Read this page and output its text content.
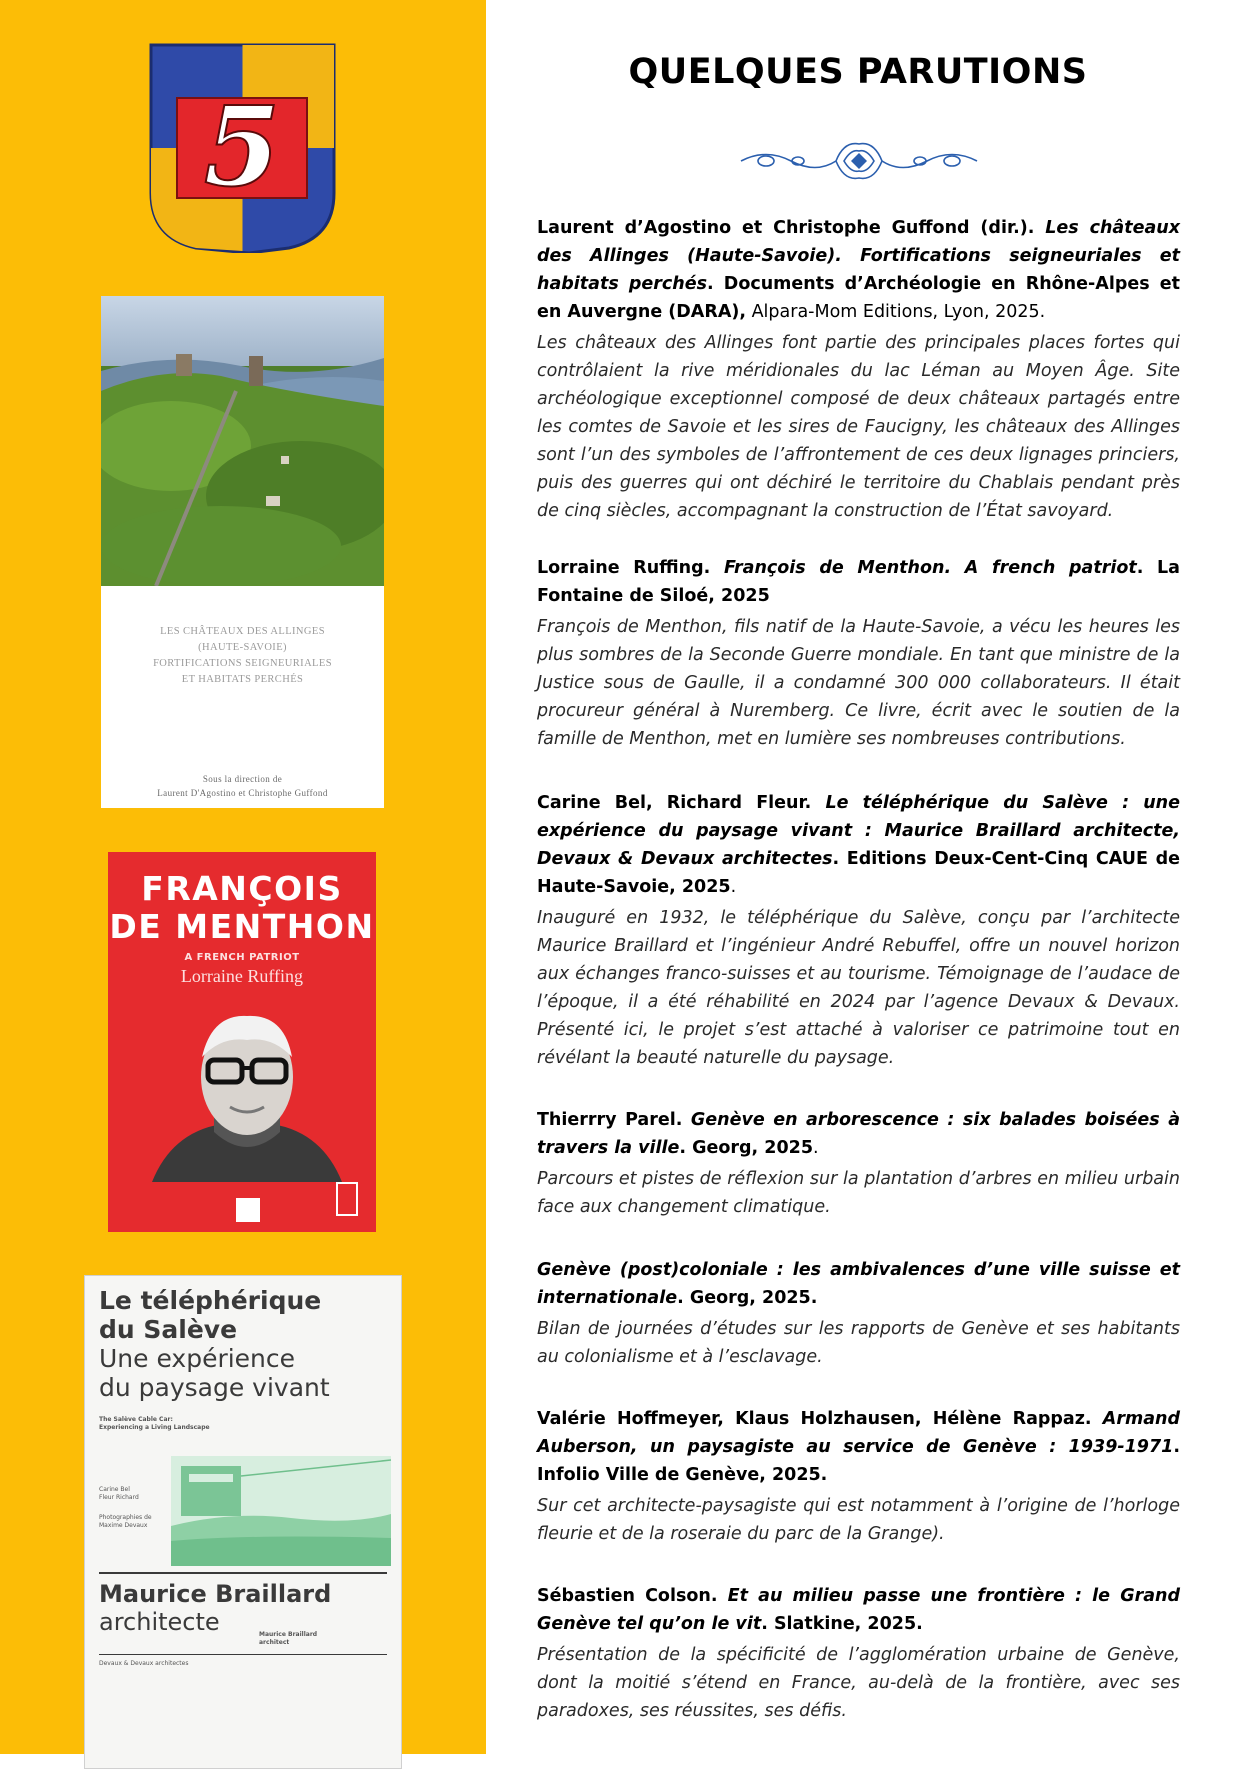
5
LES CHÂTEAUX DES ALLINGES
(HAUTE-SAVOIE)
FORTIFICATIONS SEIGNEURIALES
ET HABITATS PERCHÉS
Sous la direction de
Laurent D'Agostino et Christophe Guffond
FRANÇOIS
DE MENTHON
A FRENCH PATRIOT
Lorraine Ruffing
Le téléphérique
du Salève
Une expérience
du paysage vivant
The Salève Cable Car:
Experiencing a Living Landscape
Carine Bel
Fleur Richard
Photographies de
Maxime Devaux
Maurice Braillard
architecte	Maurice Braillard
architect
Devaux & Devaux architectes
QUELQUES PARUTIONS

Laurent d’Agostino et Christophe Guffond (dir.). Les châteaux des Allinges (Haute-Savoie). Fortifications seigneuriales et habitats perchés. Documents d’Archéologie en Rhône-Alpes et en Auvergne (DARA), Alpara-Mom Editions, Lyon, 2025.

Les châteaux des Allinges font partie des principales places fortes qui contrôlaient la rive méridionales du lac Léman au Moyen Âge. Site archéologique exceptionnel composé de deux châteaux partagés entre les comtes de Savoie et les sires de Faucigny, les châteaux des Allinges sont l’un des symboles de l’affrontement de ces deux lignages princiers, puis des guerres qui ont déchiré le territoire du Chablais pendant près de cinq siècles, accompagnant la construction de l’État savoyard.

Lorraine Ruffing. François de Menthon. A french patriot. La Fontaine de Siloé, 2025

François de Menthon, fils natif de la Haute-Savoie, a vécu les heures les plus sombres de la Seconde Guerre mondiale. En tant que ministre de la Justice sous de Gaulle, il a condamné 300 000 collaborateurs. Il était procureur général à Nuremberg. Ce livre, écrit avec le soutien de la famille de Menthon, met en lumière ses nombreuses contributions.

Carine Bel, Richard Fleur. Le téléphérique du Salève : une expérience du paysage vivant : Maurice Braillard architecte, Devaux & Devaux architectes. Editions Deux-Cent-Cinq CAUE de Haute-Savoie, 2025.

Inauguré en 1932, le téléphérique du Salève, conçu par l’architecte Maurice Braillard et l’ingénieur André Rebuffel, offre un nouvel horizon aux échanges franco-suisses et au tourisme. Témoignage de l’audace de l’époque, il a été réhabilité en 2024 par l’agence Devaux & Devaux. Présenté ici, le projet s’est attaché à valoriser ce patrimoine tout en révélant la beauté naturelle du paysage.

Thierrry Parel. Genève en arborescence : six balades boisées à travers la ville. Georg, 2025.

Parcours et pistes de réflexion sur la plantation d’arbres en milieu urbain face aux changement climatique.

Genève (post)coloniale : les ambivalences d’une ville suisse et internationale. Georg, 2025.

Bilan de journées d’études sur les rapports de Genève et ses habitants au colonialisme et à l’esclavage.

Valérie Hoffmeyer, Klaus Holzhausen, Hélène Rappaz. Armand Auberson, un paysagiste au service de Genève : 1939-1971. Infolio Ville de Genève, 2025.

Sur cet architecte-paysagiste qui est notamment à l’origine de l’horloge fleurie et de la roseraie du parc de la Grange).

Sébastien Colson. Et au milieu passe une frontière : le Grand Genève tel qu’on le vit. Slatkine, 2025.

Présentation de la spécificité de l’agglomération urbaine de Genève, dont la moitié s’étend en France, au-delà de la frontière, avec ses paradoxes, ses réussites, ses défis.
